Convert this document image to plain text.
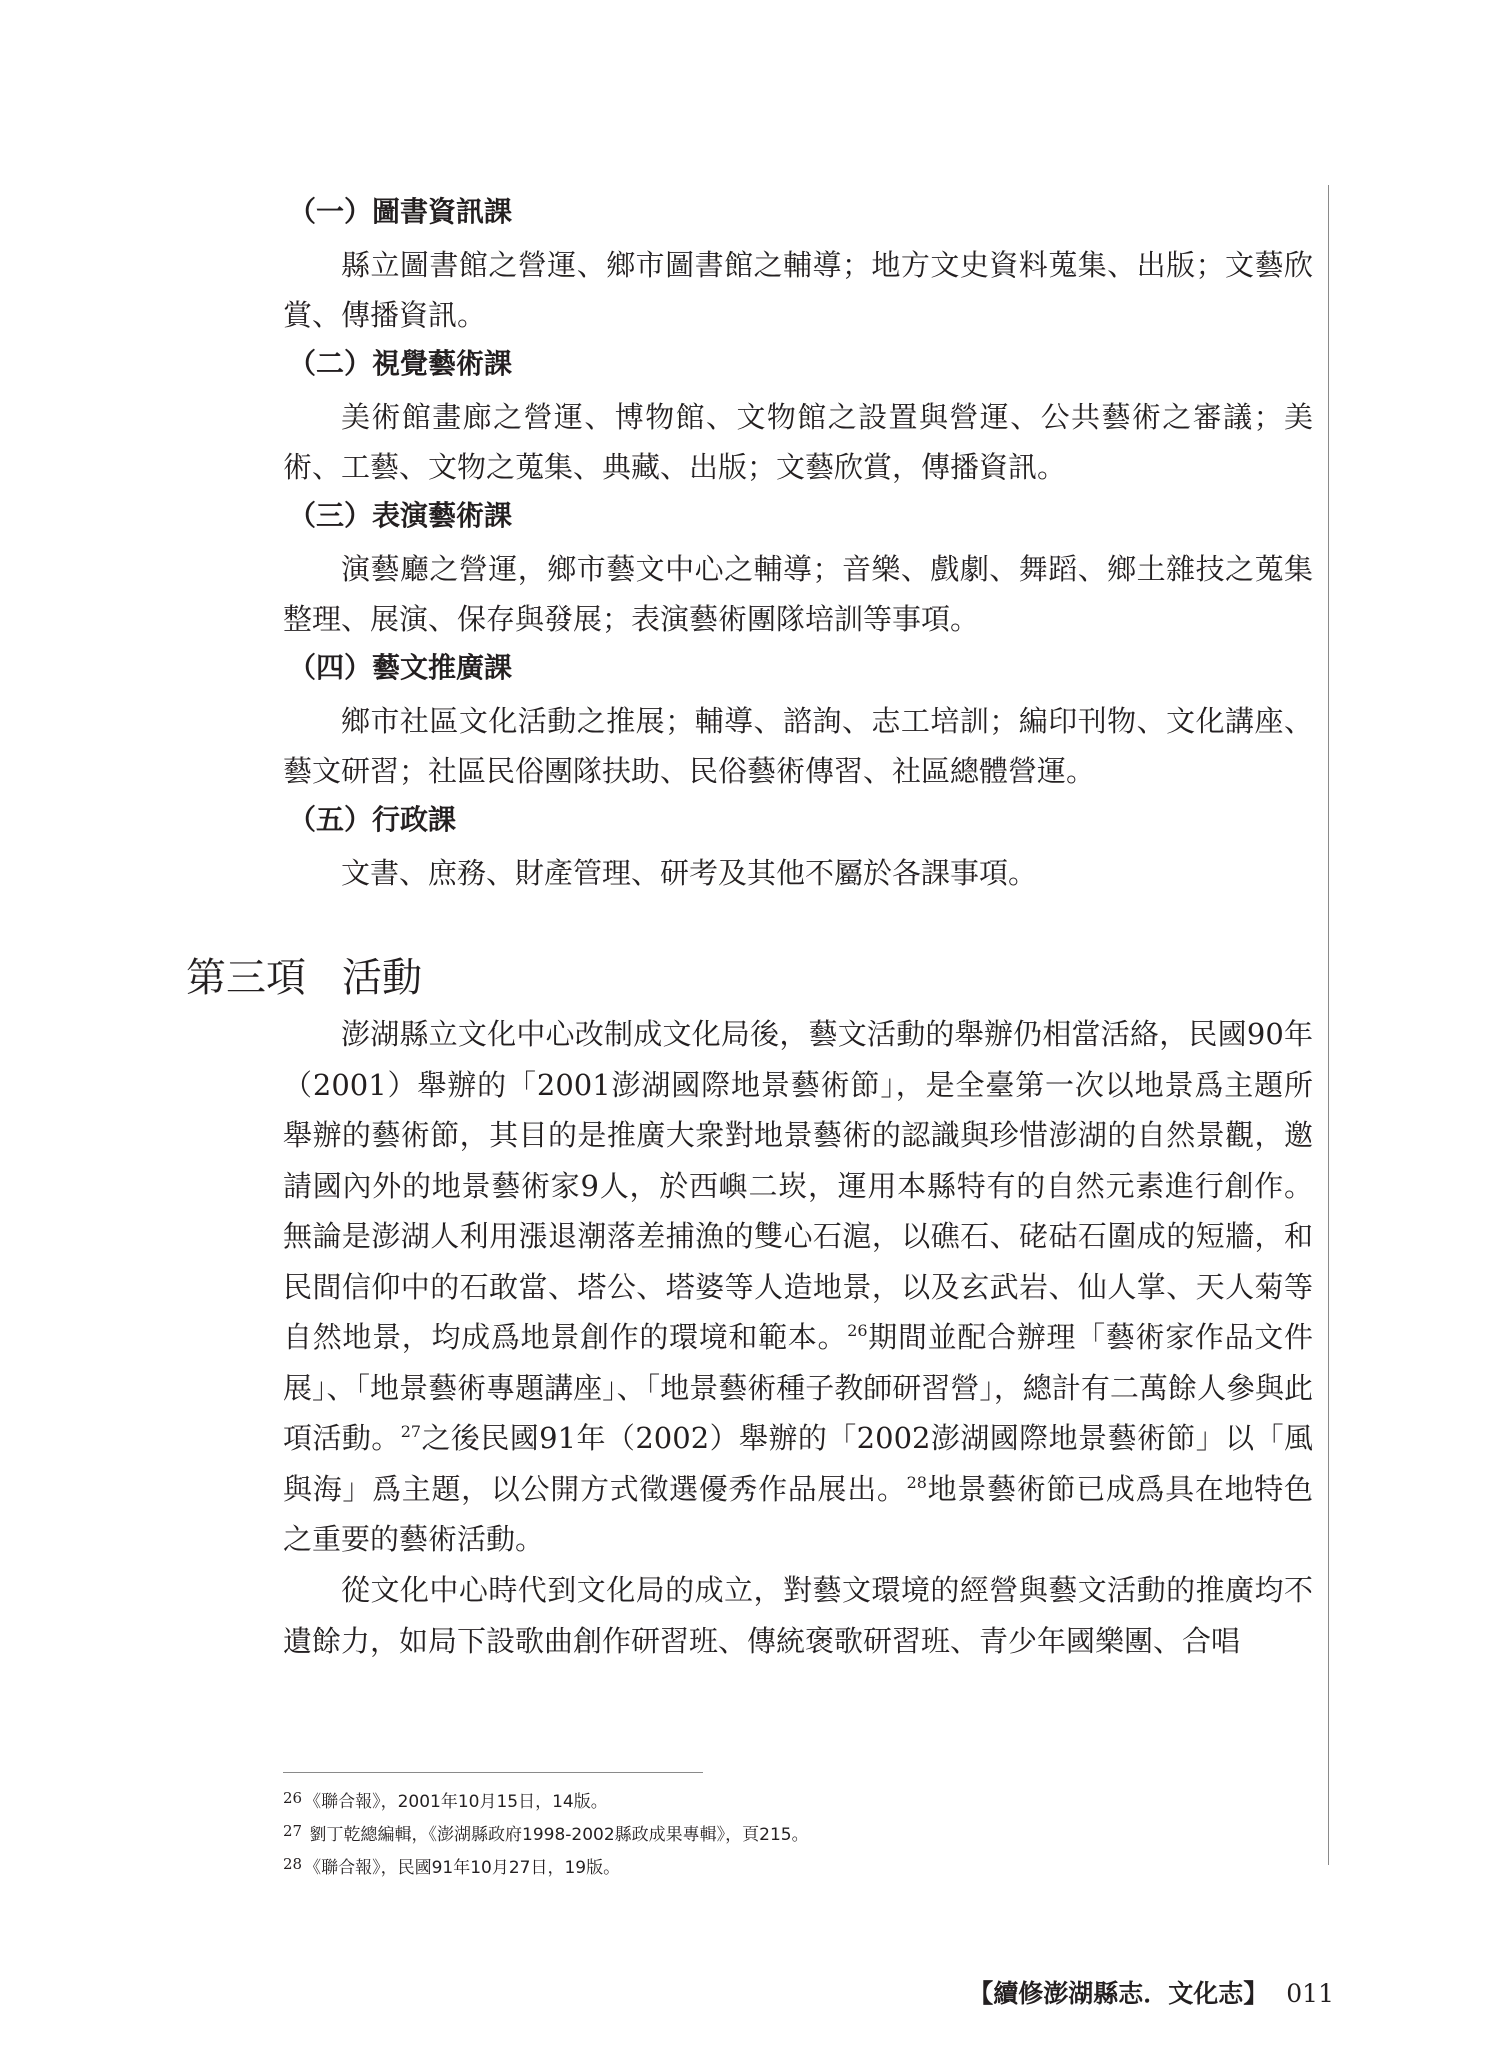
（一）圖書資訊課

縣立圖書館之營運、鄉市圖書館之輔導；地方文史資料蒐集、出版；文藝欣賞、傳播資訊。

（二）視覺藝術課

美術館畫廊之營運、博物館、文物館之設置與營運、公共藝術之審議；美術、工藝、文物之蒐集、典藏、出版；文藝欣賞，傳播資訊。

（三）表演藝術課

演藝廳之營運，鄉市藝文中心之輔導；音樂、戲劇、舞蹈、鄉土雜技之蒐集整理、展演、保存與發展；表演藝術團隊培訓等事項。

（四）藝文推廣課

鄉市社區文化活動之推展；輔導、諮詢、志工培訓；編印刊物、文化講座、藝文研習；社區民俗團隊扶助、民俗藝術傳習、社區總體營運。

（五）行政課

文書、庶務、財產管理、研考及其他不屬於各課事項。

第三項 活動

澎湖縣立文化中心改制成文化局後，藝文活動的舉辦仍相當活絡，民國90年（2001）舉辦的「2001澎湖國際地景藝術節」，是全臺第一次以地景爲主題所舉辦的藝術節，其目的是推廣大衆對地景藝術的認識與珍惜澎湖的自然景觀，邀請國內外的地景藝術家9人，於西嶼二崁，運用本縣特有的自然元素進行創作。無論是澎湖人利用漲退潮落差捕漁的雙心石滬，以礁石、硓𥑮石圍成的短牆，和民間信仰中的石敢當、塔公、塔婆等人造地景，以及玄武岩、仙人掌、天人菊等自然地景，均成爲地景創作的環境和範本。$^{26}$期間並配合辦理「藝術家作品文件展」、「地景藝術專題講座」、「地景藝術種子教師研習營」，總計有二萬餘人參與此項活動。$^{27}$之後民國91年（2002）舉辦的「2002澎湖國際地景藝術節」以「風與海」爲主題，以公開方式徵選優秀作品展出。$^{28}$地景藝術節已成爲具在地特色之重要的藝術活動。

從文化中心時代到文化局的成立，對藝文環境的經營與藝文活動的推廣均不遺餘力，如局下設歌曲創作研習班、傳統褒歌研習班、青少年國樂團、合唱

26 《聯合報》，2001年10月15日，14版。
27 劉丁乾總編輯，《澎湖縣政府1998-2002縣政成果專輯》，頁215。
28 《聯合報》，民國91年10月27日，19版。
【續修澎湖縣志．文化志】 011
